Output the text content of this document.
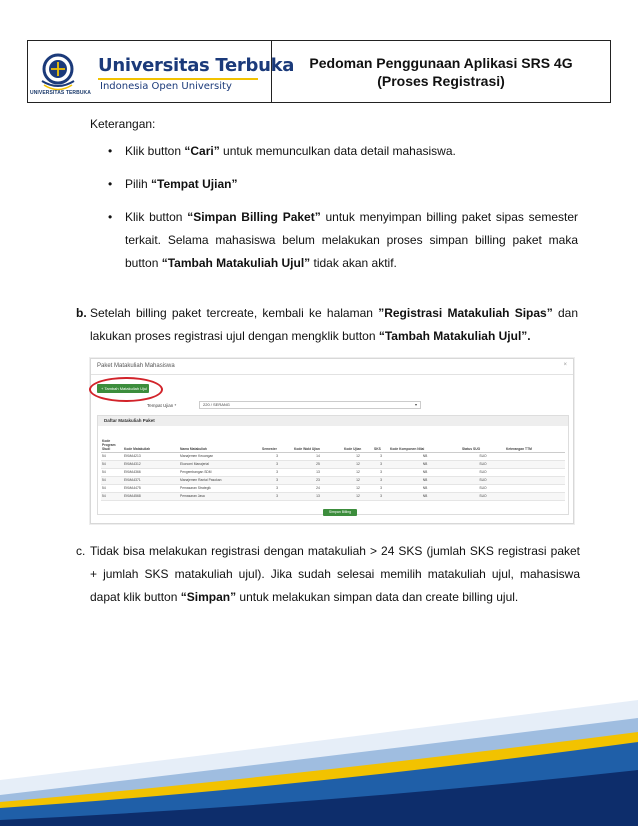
UNIVERSITAS TERBUKA
Universitas Terbuka
Indonesia Open University
Pedoman Penggunaan Aplikasi SRS 4G
(Proses Registrasi)
Keterangan:
• Klik button “Cari” untuk memunculkan data detail mahasiswa.
• Pilih “Tempat Ujian”
• Klik button “Simpan Billing Paket” untuk menyimpan billing paket sipas semester terkait. Selama mahasiswa belum melakukan proses simpan billing paket maka button “Tambah Matakuliah Ujul” tidak akan aktif.
b. Setelah billing paket tercreate, kembali ke halaman ”Registrasi Matakuliah Sipas” dan lakukan proses registrasi ujul dengan mengklik button “Tambah Matakuliah Ujul”.
Paket Matakuliah Mahasiswa	×
+ Tambah Matakuliah Ujul
Tempat Ujian *	220 / SERANG	▾
Daftar Matakuliah Paket
Kode Program Studi	Kode Matakuliah	Nama Matakuliah	Semester	Kode Wakt Ujian	Kode Ujian	SKS	Kode Komponen Nilai	Status SUO	Keterangan TTM
54	EKMA4213	Manajemen Keuangan	3	14	12	3	NB	SUO	
54	EKMA4312	Ekonomi Manajerial	3	25	12	3	NB	SUO	
54	EKMA4366	Pengembangan SDM	3	13	12	3	NB	SUO	
54	EKMA4371	Manajemen Rantai Pasokan	3	23	12	3	NB	SUO	
54	EKMA4475	Pemasaran Strategik	3	24	12	3	NB	SUO	
54	EKMA4568	Pemasaran Jasa	3	13	12	3	NB	SUO	
Simpan Billing
c. Tidak bisa melakukan registrasi dengan matakuliah > 24 SKS (jumlah SKS registrasi paket + jumlah SKS matakuliah ujul). Jika sudah selesai memilih matakuliah ujul, mahasiswa dapat klik button “Simpan” untuk melakukan simpan data dan create billing ujul.
